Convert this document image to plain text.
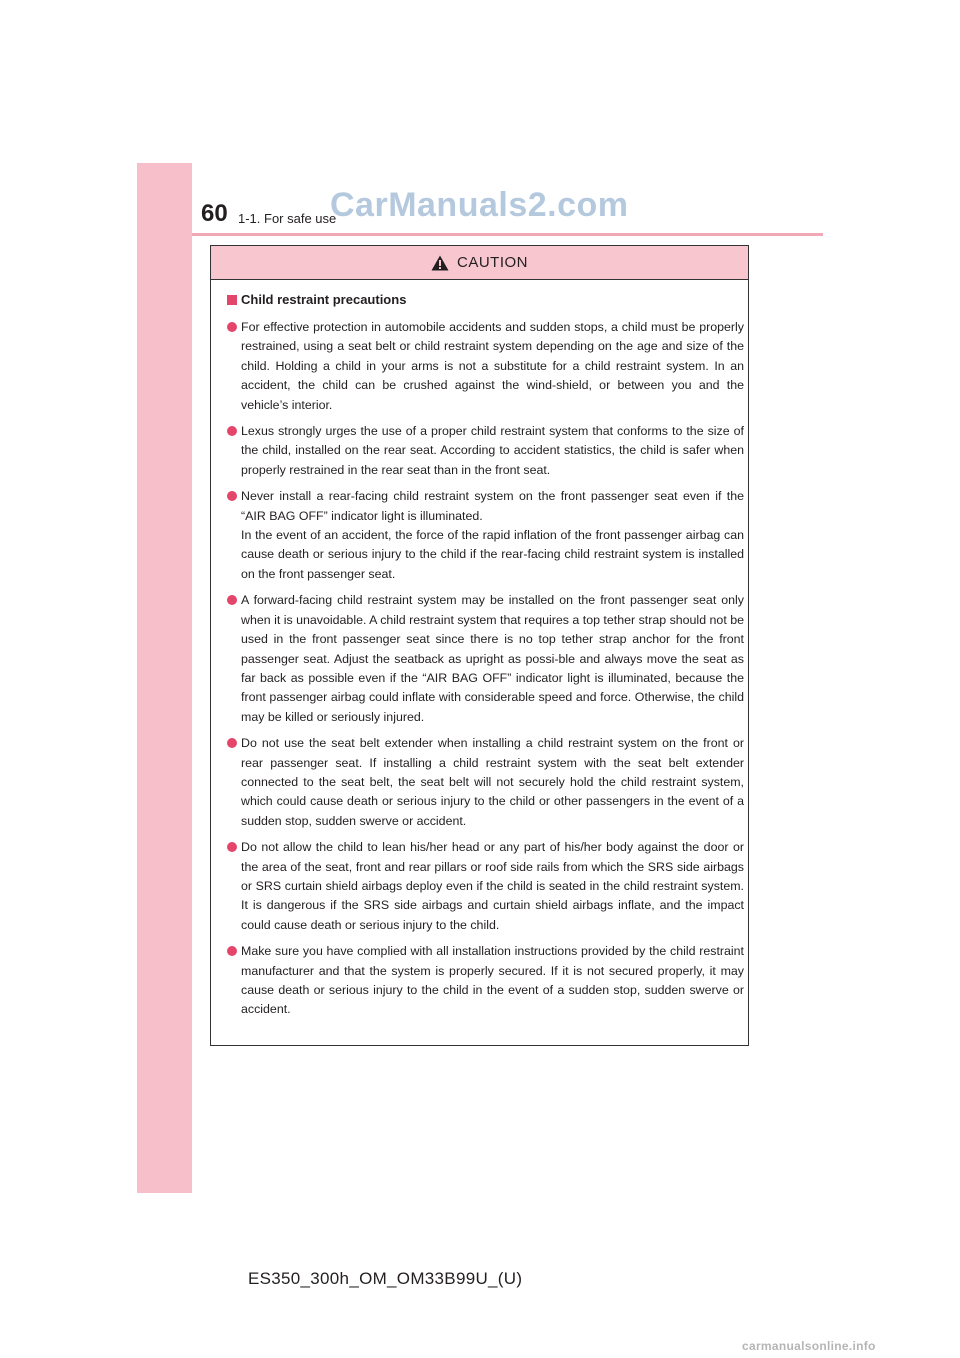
60 1-1. For safe use
CarManuals2.com
CAUTION
Child restraint precautions

For effective protection in automobile accidents and sudden stops, a child must be properly restrained, using a seat belt or child restraint system depending on the age and size of the child. Holding a child in your arms is not a substitute for a child restraint system. In an accident, the child can be crushed against the wind-shield, or between you and the vehicle’s interior.

Lexus strongly urges the use of a proper child restraint system that conforms to the size of the child, installed on the rear seat. According to accident statistics, the child is safer when properly restrained in the rear seat than in the front seat.

Never install a rear-facing child restraint system on the front passenger seat even if the “AIR BAG OFF” indicator light is illuminated.

In the event of an accident, the force of the rapid inflation of the front passenger airbag can cause death or serious injury to the child if the rear-facing child restraint system is installed on the front passenger seat.

A forward-facing child restraint system may be installed on the front passenger seat only when it is unavoidable. A child restraint system that requires a top tether strap should not be used in the front passenger seat since there is no top tether strap anchor for the front passenger seat. Adjust the seatback as upright as possi-ble and always move the seat as far back as possible even if the “AIR BAG OFF” indicator light is illuminated, because the front passenger airbag could inflate with considerable speed and force. Otherwise, the child may be killed or seriously injured.

Do not use the seat belt extender when installing a child restraint system on the front or rear passenger seat. If installing a child restraint system with the seat belt extender connected to the seat belt, the seat belt will not securely hold the child restraint system, which could cause death or serious injury to the child or other passengers in the event of a sudden stop, sudden swerve or accident.

Do not allow the child to lean his/her head or any part of his/her body against the door or the area of the seat, front and rear pillars or roof side rails from which the SRS side airbags or SRS curtain shield airbags deploy even if the child is seated in the child restraint system. It is dangerous if the SRS side airbags and curtain shield airbags inflate, and the impact could cause death or serious injury to the child.

Make sure you have complied with all installation instructions provided by the child restraint manufacturer and that the system is properly secured. If it is not secured properly, it may cause death or serious injury to the child in the event of a sudden stop, sudden swerve or accident.

ES350_300h_OM_OM33B99U_(U)
carmanualsonline.info
